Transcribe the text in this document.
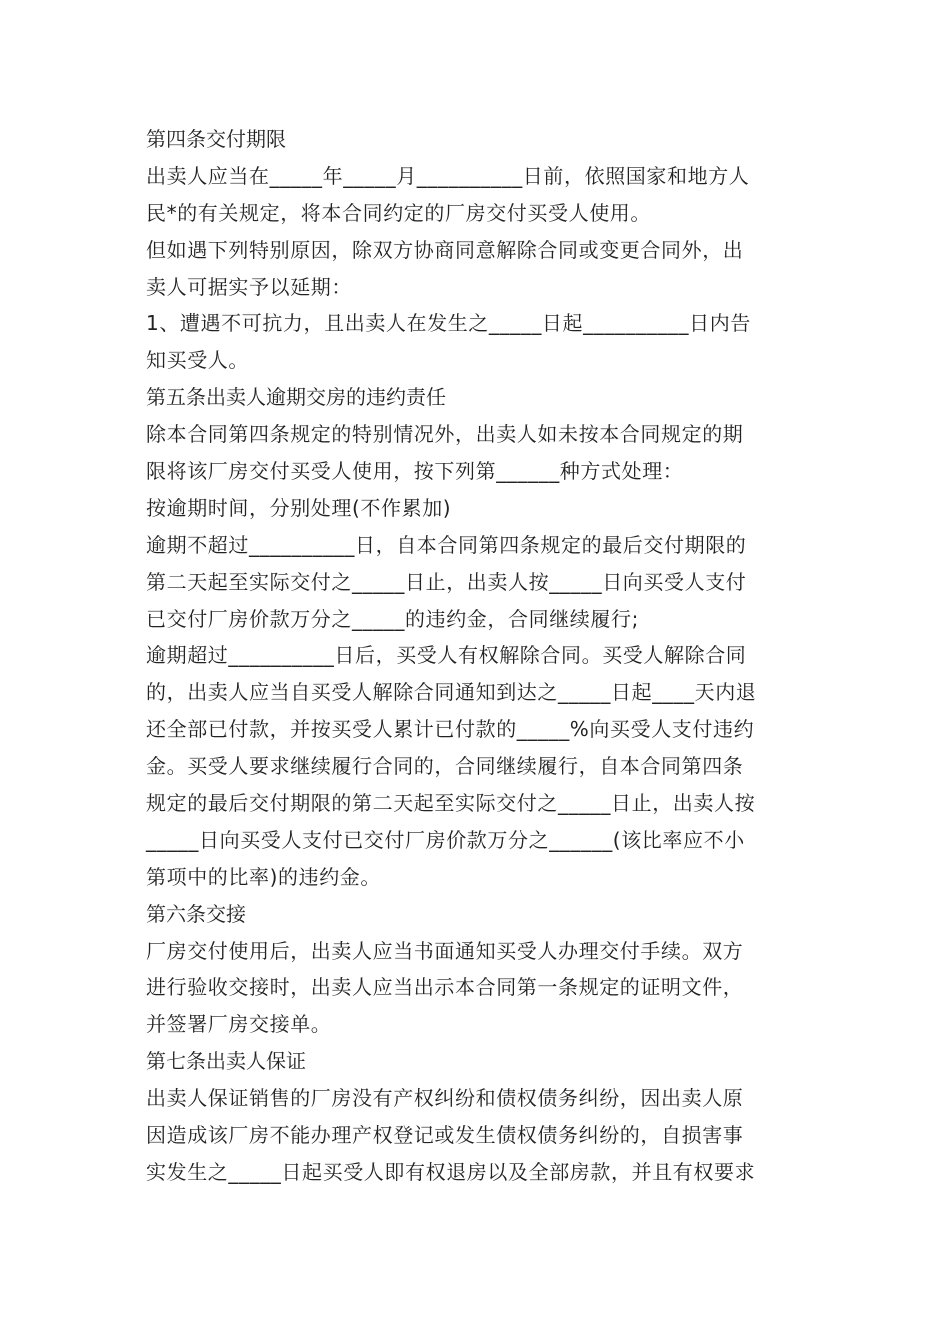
第四条交付期限
出卖人应当在_____年_____月__________日前，依照国家和地方人
民*的有关规定，将本合同约定的厂房交付买受人使用。
但如遇下列特别原因，除双方协商同意解除合同或变更合同外，出
卖人可据实予以延期：
1、遭遇不可抗力，且出卖人在发生之_____日起__________日内告
知买受人。
第五条出卖人逾期交房的违约责任
除本合同第四条规定的特别情况外，出卖人如未按本合同规定的期
限将该厂房交付买受人使用，按下列第______种方式处理：
按逾期时间，分别处理(不作累加)
逾期不超过__________日，自本合同第四条规定的最后交付期限的
第二天起至实际交付之_____日止，出卖人按_____日向买受人支付
已交付厂房价款万分之_____的违约金，合同继续履行;
逾期超过__________日后，买受人有权解除合同。买受人解除合同
的，出卖人应当自买受人解除合同通知到达之_____日起____天内退
还全部已付款，并按买受人累计已付款的_____%向买受人支付违约
金。买受人要求继续履行合同的，合同继续履行，自本合同第四条
规定的最后交付期限的第二天起至实际交付之_____日止，出卖人按
_____日向买受人支付已交付厂房价款万分之______(该比率应不小
第项中的比率)的违约金。
第六条交接
厂房交付使用后，出卖人应当书面通知买受人办理交付手续。双方
进行验收交接时，出卖人应当出示本合同第一条规定的证明文件，
并签署厂房交接单。
第七条出卖人保证
出卖人保证销售的厂房没有产权纠纷和债权债务纠纷，因出卖人原
因造成该厂房不能办理产权登记或发生债权债务纠纷的，自损害事
实发生之_____日起买受人即有权退房以及全部房款，并且有权要求
